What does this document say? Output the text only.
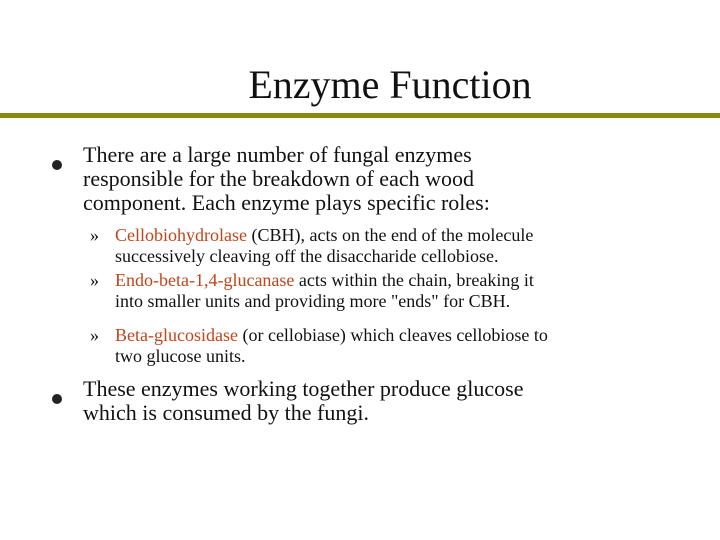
Enzyme Function
There are a large number of fungal enzymes
responsible for the breakdown of each wood
component. Each enzyme plays specific roles:
» Cellobiohydrolase (CBH), acts on the end of the molecule
successively cleaving off the disaccharide cellobiose.
» Endo-beta-1,4-glucanase acts within the chain, breaking it
into smaller units and providing more "ends" for CBH.
» Beta-glucosidase (or cellobiase) which cleaves cellobiose to
two glucose units.
These enzymes working together produce glucose
which is consumed by the fungi.
